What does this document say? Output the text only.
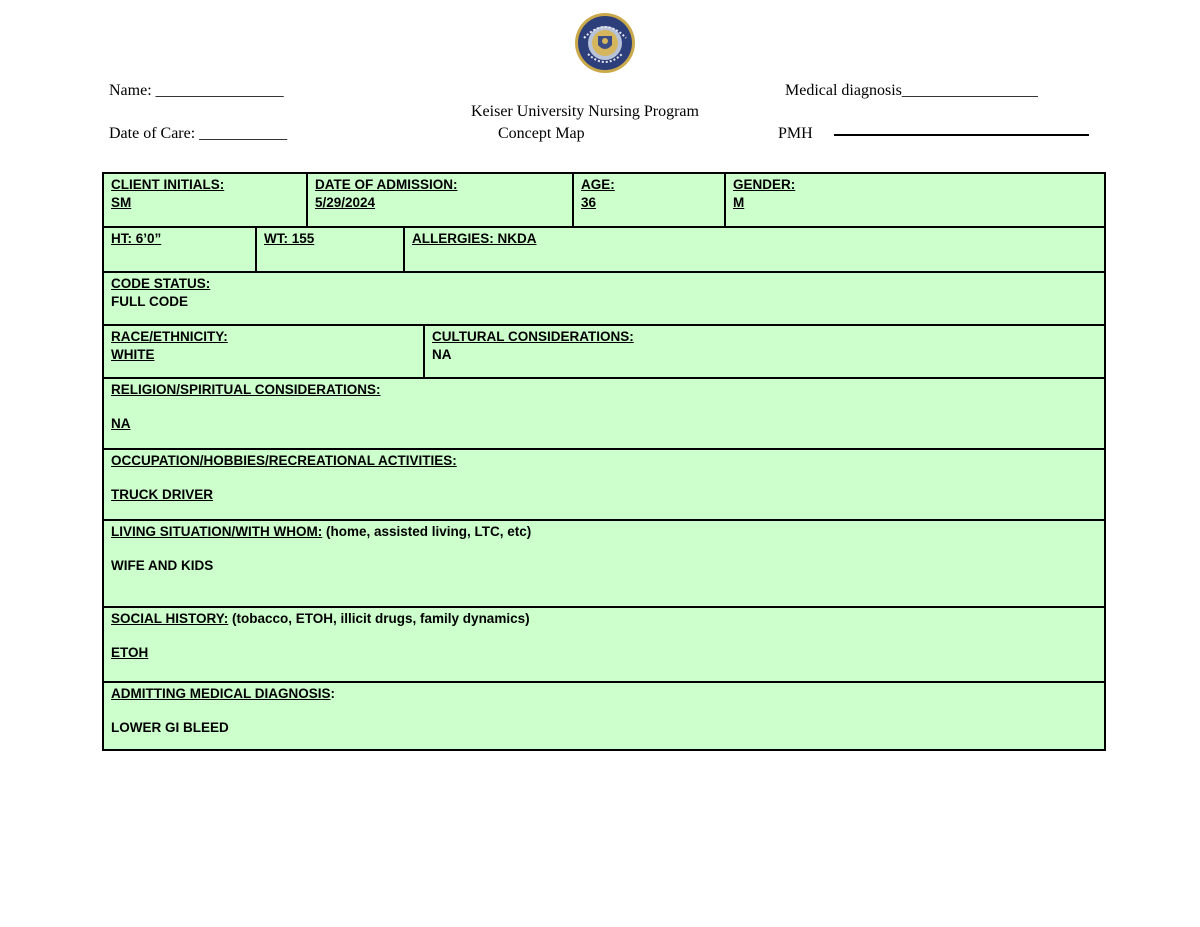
Name: ________________	Medical diagnosis_________________
Keiser University Nursing Program
Date of Care: ___________	Concept Map	PMH
CLIENT INITIALS:
SM
DATE OF ADMISSION:
5/29/2024
AGE:
36
GENDER:
M
HT: 6’0”	WT: 155	ALLERGIES: NKDA
CODE STATUS:
FULL CODE
RACE/ETHNICITY:
WHITE
CULTURAL CONSIDERATIONS:
NA
RELIGION/SPIRITUAL CONSIDERATIONS:
NA
OCCUPATION/HOBBIES/RECREATIONAL ACTIVITIES:
TRUCK DRIVER
LIVING SITUATION/WITH WHOM: (home, assisted living, LTC, etc)
WIFE AND KIDS
SOCIAL HISTORY: (tobacco, ETOH, illicit drugs, family dynamics)
ETOH
ADMITTING MEDICAL DIAGNOSIS:
LOWER GI BLEED
